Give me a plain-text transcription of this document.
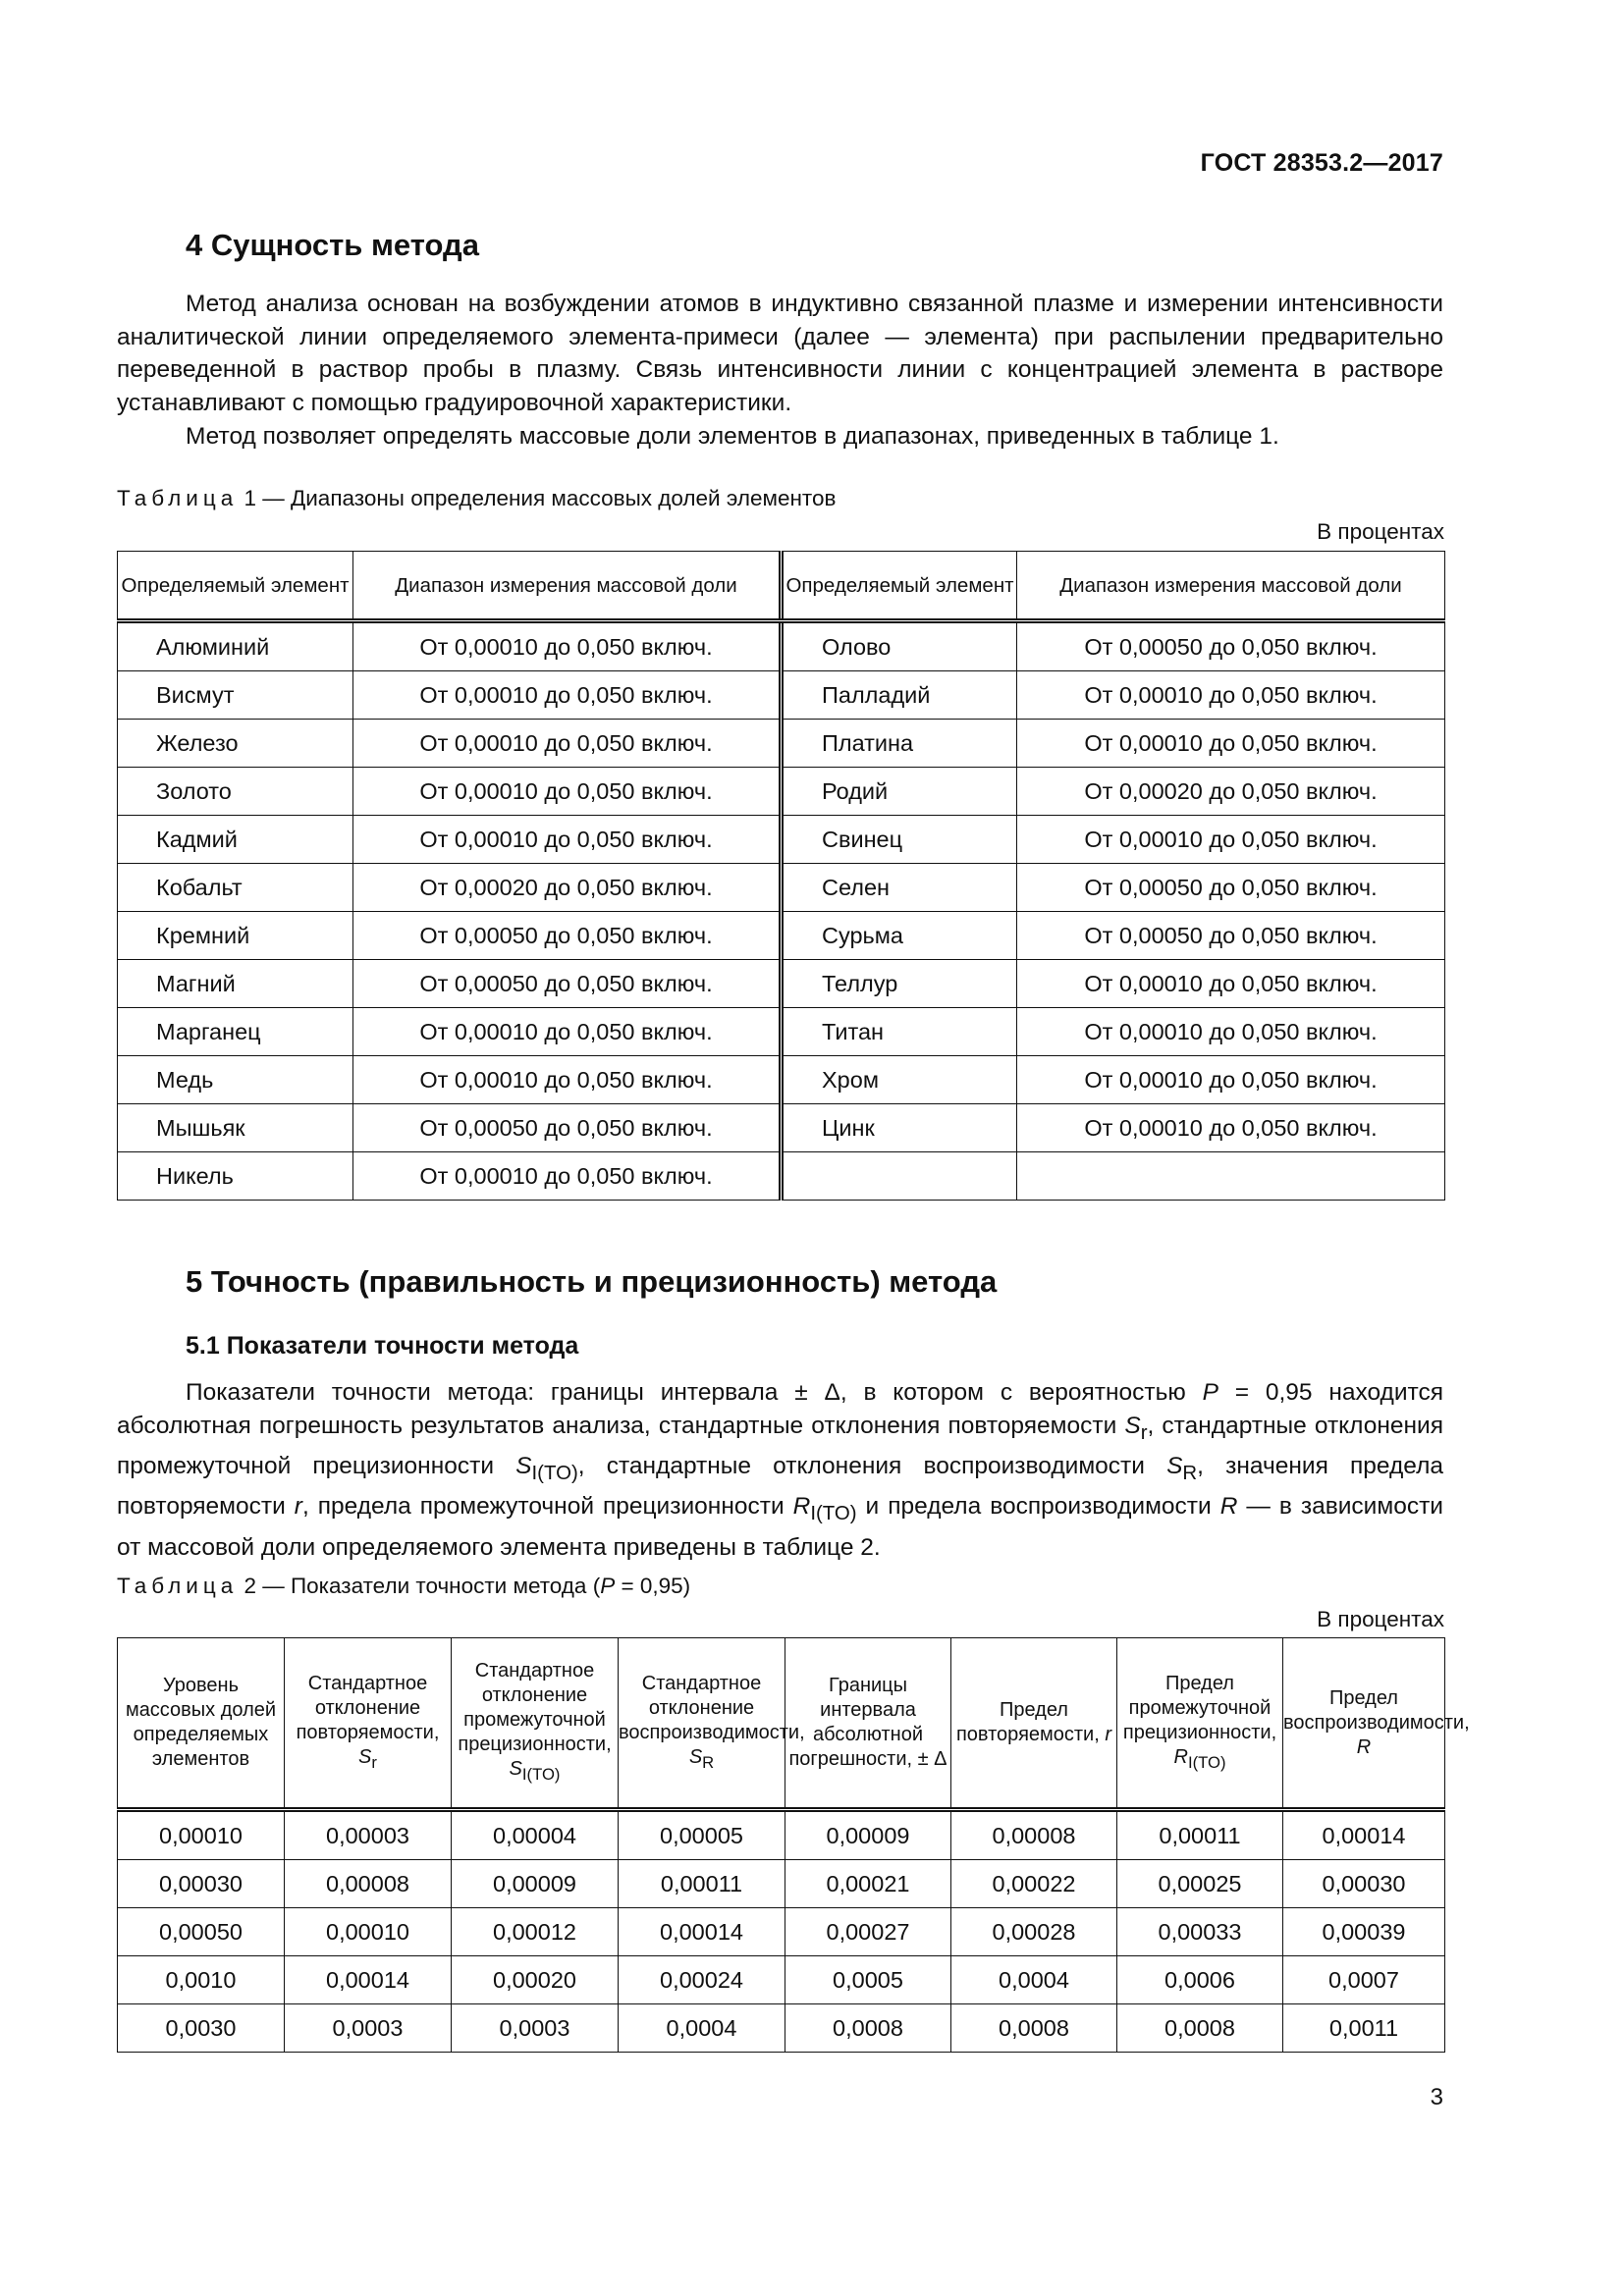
ГОСТ 28353.2—2017
4 Сущность метода

Метод анализа основан на возбуждении атомов в индуктивно связанной плазме и измерении интенсивности аналитической линии определяемого элемента-примеси (далее — элемента) при распылении предварительно переведенной в раствор пробы в плазму. Связь интенсивности линии с концентрацией элемента в растворе устанавливают с помощью градуировочной характеристики.

Метод позволяет определять массовые доли элементов в диапазонах, приведенных в таблице 1.

Таблица 1 — Диапазоны определения массовых долей элементов
В процентах
Определяемый элемент	Диапазон измерения массовой доли	Определяемый элемент	Диапазон измерения массовой доли
Алюминий	От 0,00010 до 0,050 включ.	Олово	От 0,00050 до 0,050 включ.
Висмут	От 0,00010 до 0,050 включ.	Палладий	От 0,00010 до 0,050 включ.
Железо	От 0,00010 до 0,050 включ.	Платина	От 0,00010 до 0,050 включ.
Золото	От 0,00010 до 0,050 включ.	Родий	От 0,00020 до 0,050 включ.
Кадмий	От 0,00010 до 0,050 включ.	Свинец	От 0,00010 до 0,050 включ.
Кобальт	От 0,00020 до 0,050 включ.	Селен	От 0,00050 до 0,050 включ.
Кремний	От 0,00050 до 0,050 включ.	Сурьма	От 0,00050 до 0,050 включ.
Магний	От 0,00050 до 0,050 включ.	Теллур	От 0,00010 до 0,050 включ.
Марганец	От 0,00010 до 0,050 включ.	Титан	От 0,00010 до 0,050 включ.
Медь	От 0,00010 до 0,050 включ.	Хром	От 0,00010 до 0,050 включ.
Мышьяк	От 0,00050 до 0,050 включ.	Цинк	От 0,00010 до 0,050 включ.
Никель	От 0,00010 до 0,050 включ.		
5 Точность (правильность и прецизионность) метода
5.1 Показатели точности метода

Показатели точности метода: границы интервала ± Δ, в котором с вероятностью P = 0,95 находится абсолютная погрешность результатов анализа, стандартные отклонения повторяемости $S_r$, стандартные отклонения промежуточной прецизионности $S_{I(TO)}$, стандартные отклонения воспроизводимости $S_R$, значения предела повторяемости r, предела промежуточной прецизионности $R_{I(TO)}$ и предела воспроизводимости R — в зависимости от массовой доли определяемого элемента приведены в таблице 2.

Таблица 2 — Показатели точности метода (P = 0,95)
В процентах
Уровень массовых долей определяемых элементов	Стандартное отклонение повторяемости, $S_r$	Стандартное отклонение промежуточной прецизионности, $S_{I(TO)}$	Стандартное отклонение воспроизводимости, $S_R$	Границы интервала абсолютной погрешности, ± Δ	Предел повторяемости, r	Предел промежуточной прецизионности, $R_{I(TO)}$	Предел воспроизводимости, R
0,00010	0,00003	0,00004	0,00005	0,00009	0,00008	0,00011	0,00014
0,00030	0,00008	0,00009	0,00011	0,00021	0,00022	0,00025	0,00030
0,00050	0,00010	0,00012	0,00014	0,00027	0,00028	0,00033	0,00039
0,0010	0,00014	0,00020	0,00024	0,0005	0,0004	0,0006	0,0007
0,0030	0,0003	0,0003	0,0004	0,0008	0,0008	0,0008	0,0011
3
